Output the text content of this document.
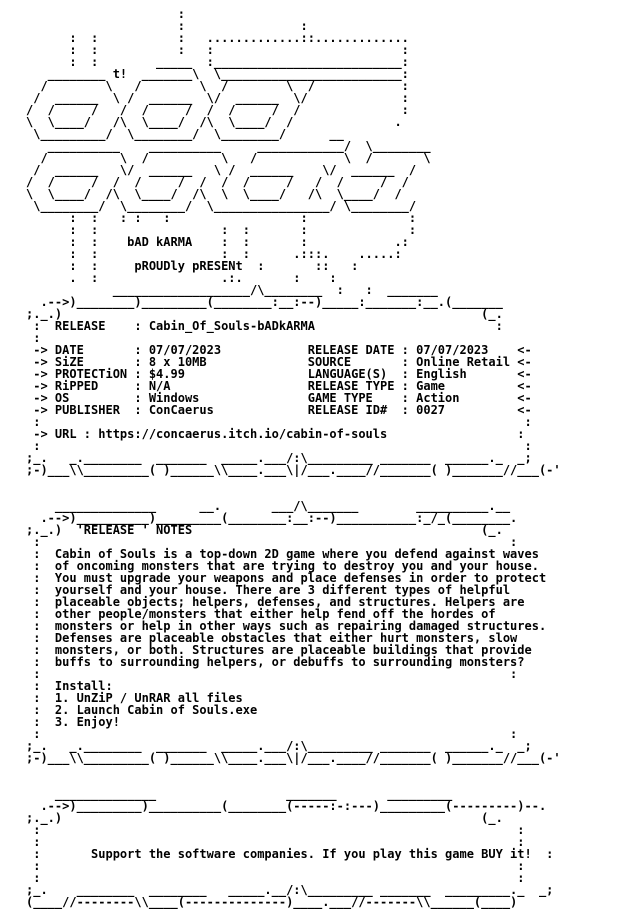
:
:                :
:  :           :   .............::.............
:  :           :   :                          :
:  :        _____  :__________________________:
________ t!  _______\  \_________________________:
/        \   /        \  /        \  /            :
/  ______  \ /  ______  \/  ______  \/             :
/  /     /   /  /     /  /  /     /  /              :
\  \____/   /\  \____/  /\  \____/  /              .
\_________/  \________/  \________/      __
__________    __________     ____________/  \________
/          \  /          \   /            \  /       \
/  ______   \/  ______   \ /  ______    \/  ______  /
/  /     /  /  /     /  /  /  /     /   /  /     /  /
\  \____/  /\  \____/  /\  \  \____/   /\  \____/  /
\________/  \________/  \________________/ \________/
:  :   : :   :                  :              :
:  :                 :  :       :              :
:  :    bAD kARMA    :  :       :            .:
:  :                 :  :      .:::.    .....:
:  :     pROUDly pRESENt  :       ::   :
.  :                 .:.       :    :
___________________/\________  :   :  _______
.-->)________)_________(________:__:--)_____:_______:__.(_______
;._.)                                                          (_.
:  RELEASE    : Cabin_Of_Souls-bADkARMA                         :
:
-> DATE       : 07/07/2023            RELEASE DATE : 07/07/2023    <-
-> SiZE       : 8 x 10MB              SOURCE       : Online Retail <-
-> PROTECTiON : $4.99                 LANGUAGE(S)  : English       <-
-> RiPPED     : N/A                   RELEASE TYPE : Game          <-
-> OS         : Windows               GAME TYPE    : Action        <-
-> PUBLISHER  : ConCaerus             RELEASE ID#  : 0027          <-
:                                                                   :
-> URL : https://concaerus.itch.io/cabin-of-souls                  :
:                                                                   :
;_.   _.________  _______  _____.___/:\_________ _______  ______._  _;
;-)___\\_________( )______\\____.___\|/___.____//_______( )_______//___(-'
______________      __.       ___/\_______        __________.__
.-->)__________)_________(________:__:--)___________:_/_(________.
;._.)  'RELEASE ' NOTES                                        (_.
:                                                                 :
:  Cabin of Souls is a top-down 2D game where you defend against waves
:  of oncoming monsters that are trying to destroy you and your house.
:  You must upgrade your weapons and place defenses in order to protect
:  yourself and your house. There are 3 different types of helpful
:  placeable objects; helpers, defenses, and structures. Helpers are
:  other people/monsters that either help fend off the hordes of
:  monsters or help in other ways such as repairing damaged structures.
:  Defenses are placeable obstacles that either hurt monsters, slow
:  monsters, or both. Structures are placeable buildings that provide
:  buffs to surrounding helpers, or debuffs to surrounding monsters?
:                                                                 :
:  Install:
:  1. UnZiP / UnRAR all files
:  2. Launch Cabin of Souls.exe
:  3. Enjoy!
:                                                                 :
;_.   _.________  _______  _____.___/:\_________ _______  ______._  _;
;-)___\\_________( )______\\____.___\|/___.____//_______( )_______//___(-'
______________                  _______       _________
.-->)_________)__________(________(-----:-:---)_________(---------)--.
;._.)                                                          (_.
:                                                                  :
:                                                                  :
:       Support the software companies. If you play this game BUY it!  :
:                                                                  :
:                                                                  :
;_.    ________  ________   _____.__/:\_________ _______  _________._  _;
(____//--------\\____(--------------)____.___//-------\\______(____)
